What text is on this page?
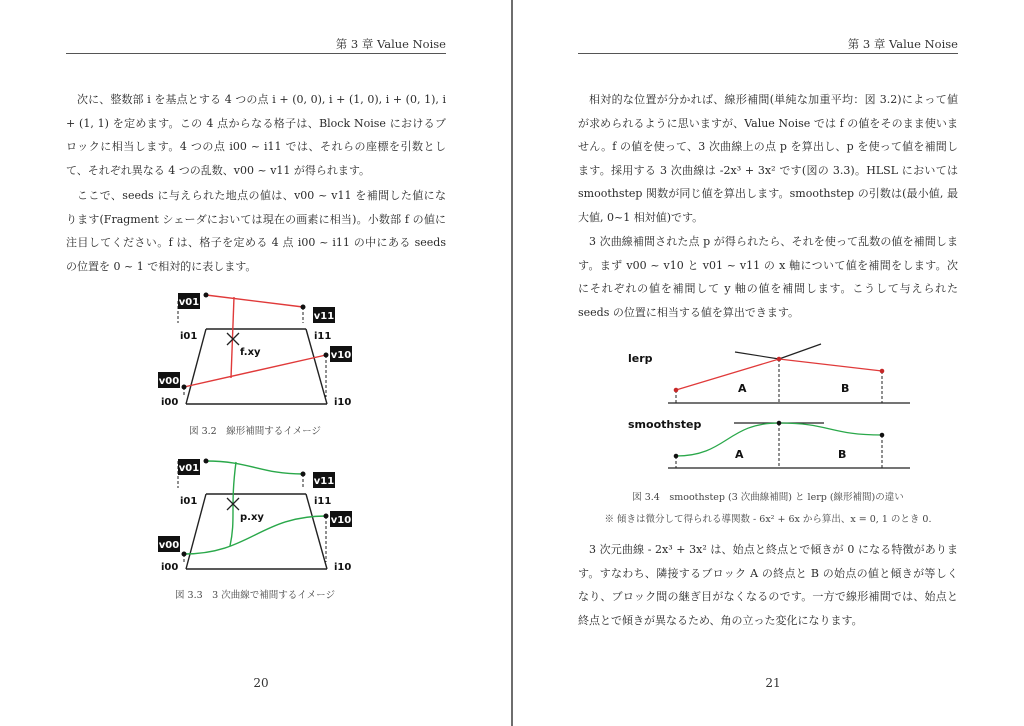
第 3 章 Value Noise
次に、整数部 i を基点とする 4 つの点 i + (0, 0), i + (1, 0), i + (0, 1), i + (1, 1) を定めます。この 4 点からなる格子は、Block Noise におけるブロックに相当します。4 つの点 i00 ~ i11 では、それらの座標を引数として、それぞれ異なる 4 つの乱数、v00 ~ v11 が得られます。
ここで、seeds に与えられた地点の値は、v00 ~ v11 を補間した値になります(Fragment シェーダにおいては現在の画素に相当)。小数部 f の値に注目してください。f は、格子を定める 4 点 i00 ~ i11 の中にある seeds の位置を 0 ~ 1 で相対的に表します。
v01
v11
v10
v00
i01	i11
i00	i10
f.xy
図 3.2　線形補間するイメージ
v01
v11
v10
v00
i01	i11
i00	i10
p.xy
図 3.3　3 次曲線で補間するイメージ
20
第 3 章 Value Noise
相対的な位置が分かれば、線形補間(単純な加重平均：図 3.2)によって値が求められるように思いますが、Value Noise では f の値をそのまま使いません。f の値を使って、3 次曲線上の点 p を算出し、p を使って値を補間します。採用する 3 次曲線は -2x³ + 3x² です(図の 3.3)。HLSL においては smoothstep 関数が同じ値を算出します。smoothstep の引数は(最小値, 最大値, 0~1 相対値)です。
3 次曲線補間された点 p が得られたら、それを使って乱数の値を補間します。まず v00 ~ v10 と v01 ~ v11 の x 軸について値を補間をします。次にそれぞれの値を補間して y 軸の値を補間します。こうして与えられた seeds の位置に相当する値を算出できます。
lerp
A	B
smoothstep
A	B
図 3.4　smoothstep (3 次曲線補間) と lerp (線形補間)の違い
※ 傾きは微分して得られる導関数 - 6x² + 6x から算出、x = 0, 1 のとき 0.
3 次元曲線 - 2x³ + 3x² は、始点と終点とで傾きが 0 になる特徴があります。すなわち、隣接するブロック A の終点と B の始点の値と傾きが等しくなり、ブロック間の継ぎ目がなくなるのです。一方で線形補間では、始点と終点とで傾きが異なるため、角の立った変化になります。
21
